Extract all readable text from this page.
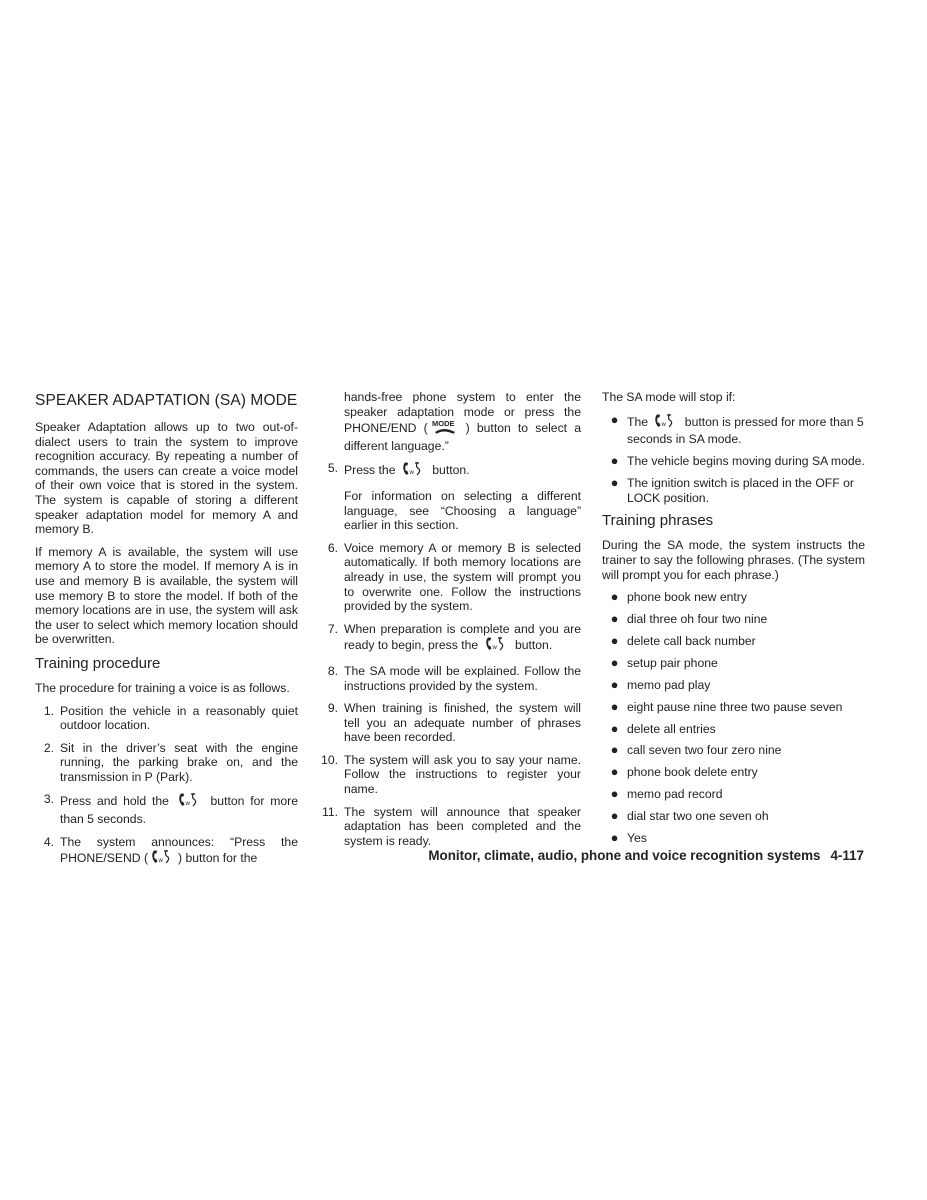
SPEAKER ADAPTATION (SA) MODE

Speaker Adaptation allows up to two out-of-dialect users to train the system to improve recognition accuracy. By repeating a number of commands, the users can create a voice model of their own voice that is stored in the system. The system is capable of storing a different speaker adaptation model for memory A and memory B.

If memory A is available, the system will use memory A to store the model. If memory A is in use and memory B is available, the system will use memory B to store the model. If both of the memory locations are in use, the system will ask the user to select which memory location should be overwritten.

Training procedure

The procedure for training a voice is as follows.

1. Position the vehicle in a reasonably quiet outdoor location.
2. Sit in the driver’s seat with the engine running, the parking brake on, and the transmission in P (Park).
3. Press and hold the	w button for more than 5 seconds.
4. The system announces: “Press the PHONE/SEND ( w ) button for the
hands-free phone system to enter the speaker adaptation mode or press the PHONE/END ( MODE ) button to select a different language.”
5. Press the w button.

For information on selecting a different language, see “Choosing a language” earlier in this section.

6. Voice memory A or memory B is selected automatically. If both memory locations are already in use, the system will prompt you to overwrite one. Follow the instructions provided by the system.
7. When preparation is complete and you are ready to begin, press the w button.
8. The SA mode will be explained. Follow the instructions provided by the system.
9. When training is finished, the system will tell you an adequate number of phrases have been recorded.
10. The system will ask you to say your name. Follow the instructions to register your name.
11. The system will announce that speaker adaptation has been completed and the system is ready.

The SA mode will stop if:

● The w button is pressed for more than 5 seconds in SA mode.
● The vehicle begins moving during SA mode.
● The ignition switch is placed in the OFF or LOCK position.
Training phrases

During the SA mode, the system instructs the trainer to say the following phrases. (The system will prompt you for each phrase.)

● phone book new entry
● dial three oh four two nine
● delete call back number
● setup pair phone
● memo pad play
● eight pause nine three two pause seven
● delete all entries
● call seven two four zero nine
● phone book delete entry
● memo pad record
● dial star two one seven oh
● Yes
Monitor, climate, audio, phone and voice recognition systems 4-117
